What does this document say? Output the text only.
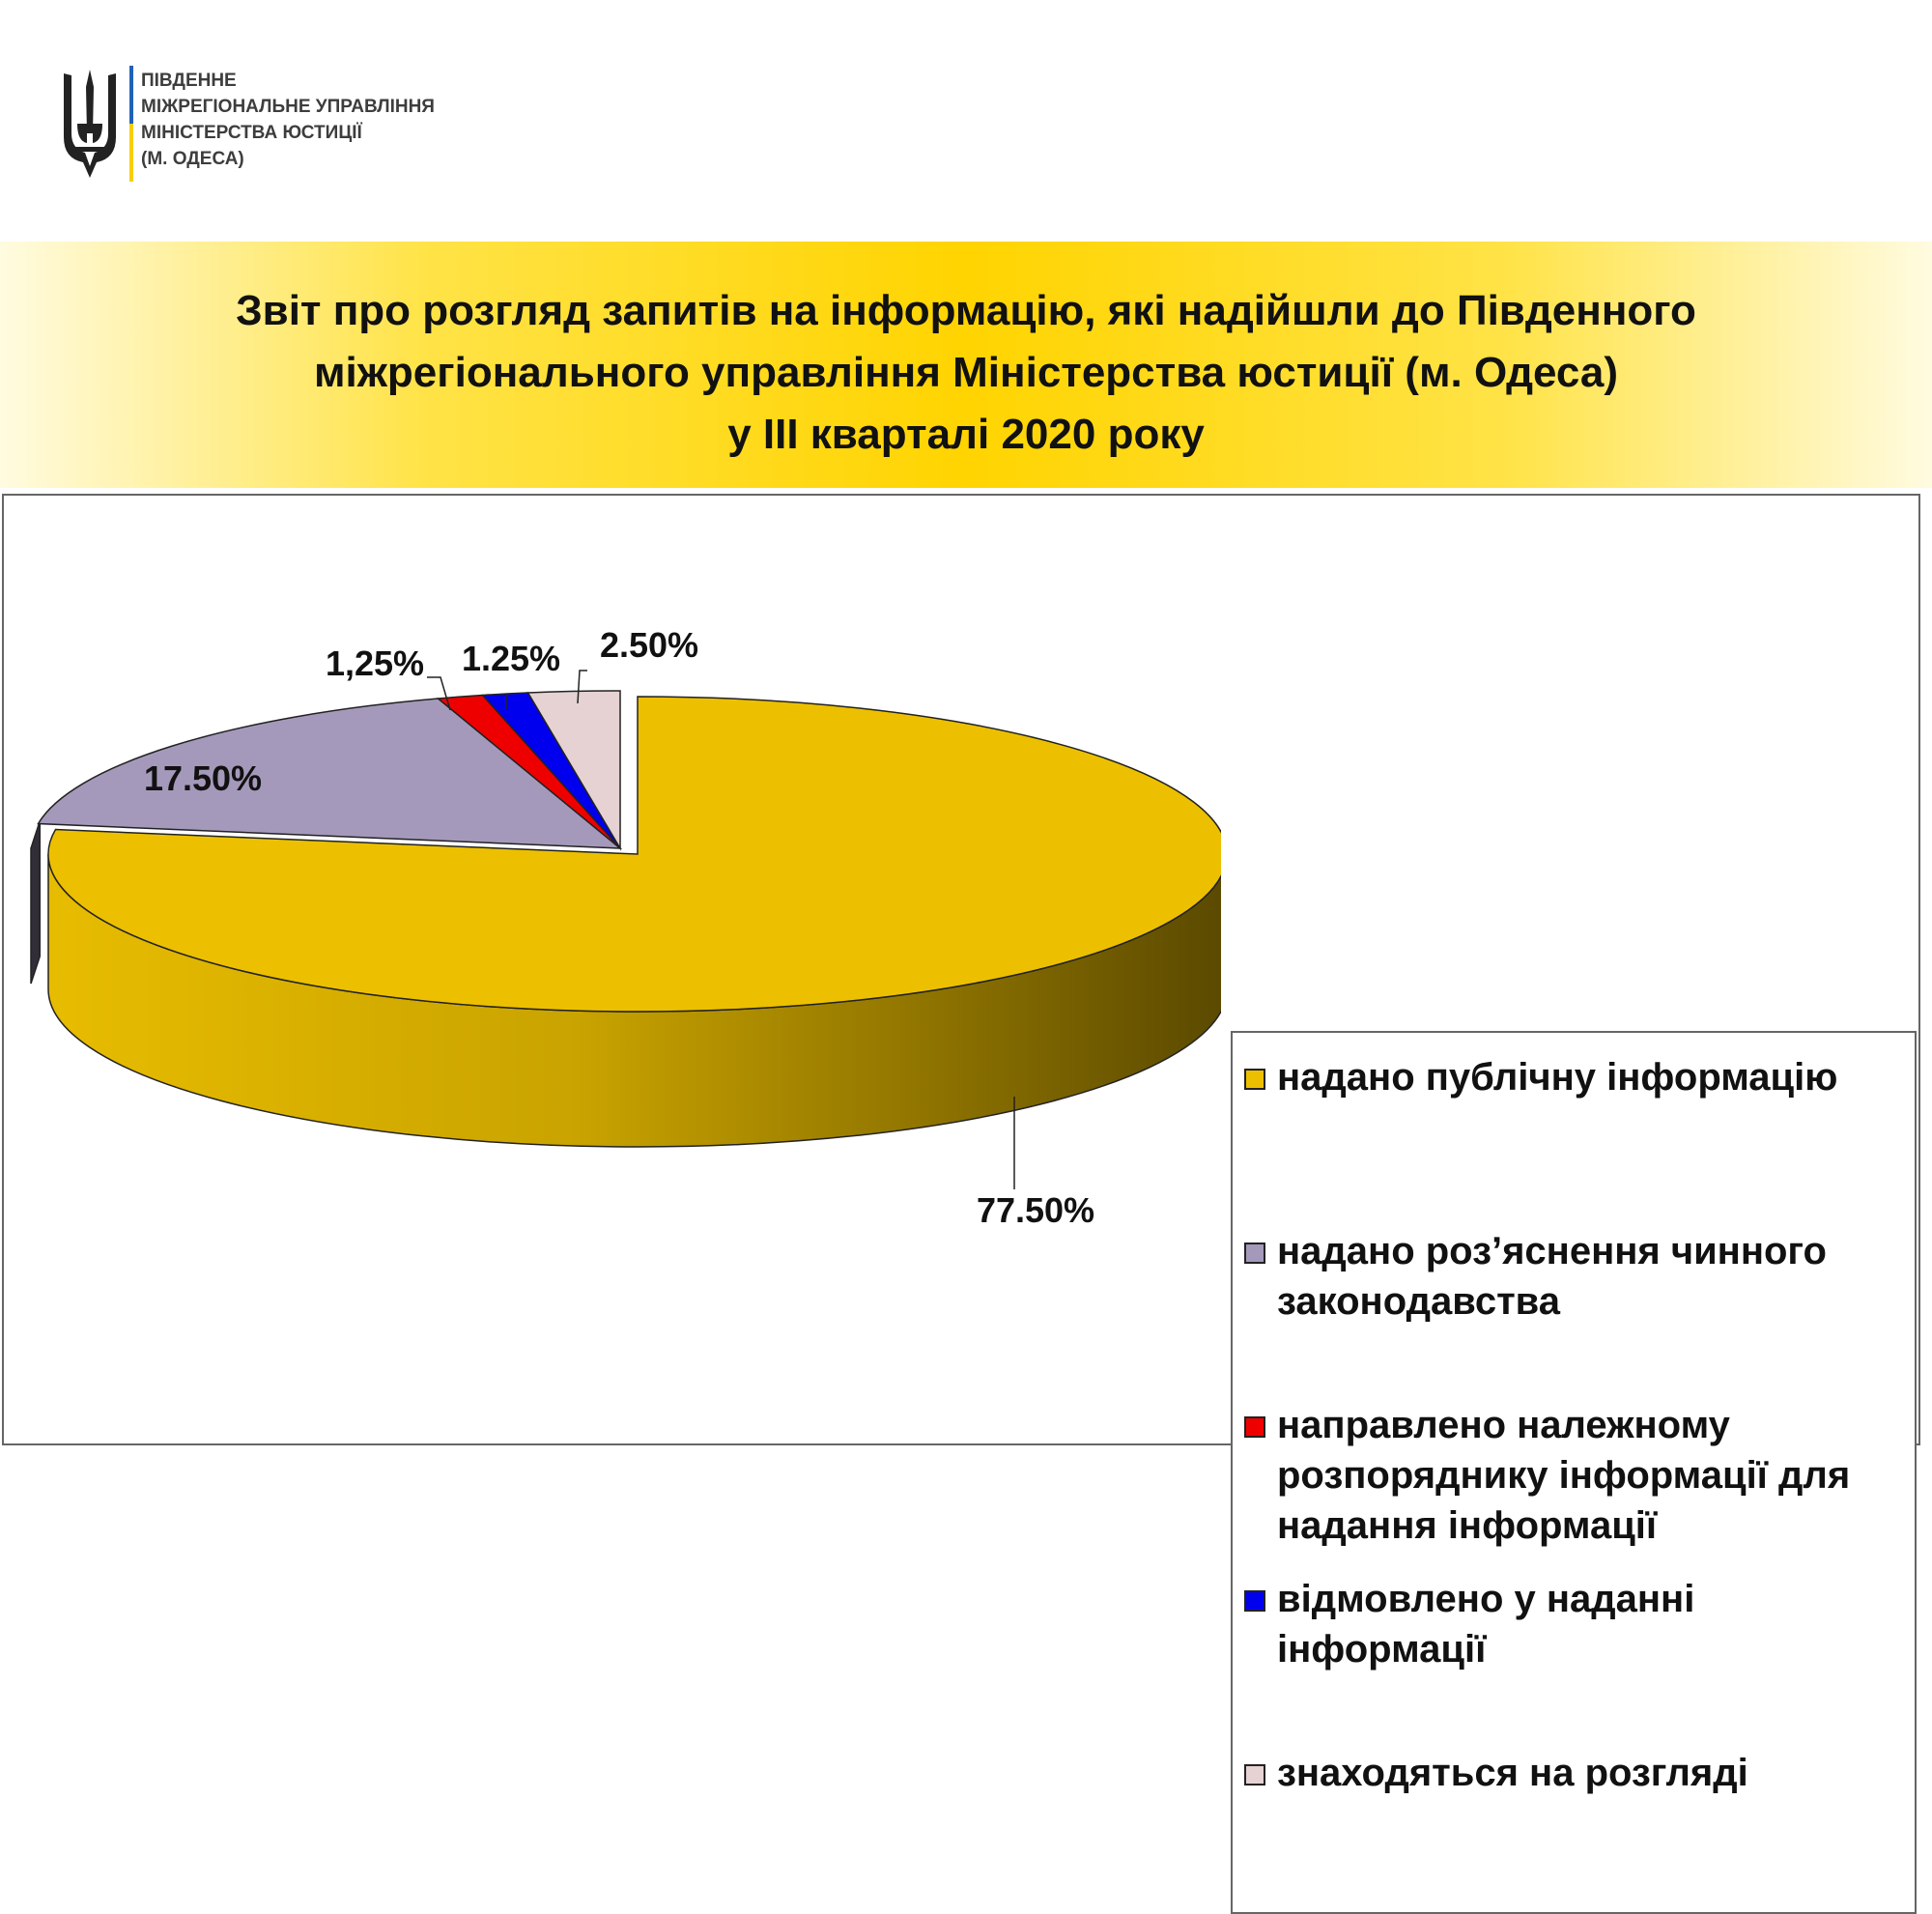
ПІВДЕННЕ
МІЖРЕГІОНАЛЬНЕ УПРАВЛІННЯ
МІНІСТЕРСТВА ЮСТИЦІЇ
(М. ОДЕСА)
Звіт про розгляд запитів на інформацію, які надійшли до Південного
міжрегіонального управління Міністерства юстиції (м. Одеса)
у ІІІ кварталі 2020 року
77.50%
17.50%
1,25% 1.25% 2.50%
надано публічну інформацію
надано роз’яснення чинного законодавства
направлено належному розпоряднику інформації для надання інформації
відмовлено у наданні інформації
знаходяться на розгляді
